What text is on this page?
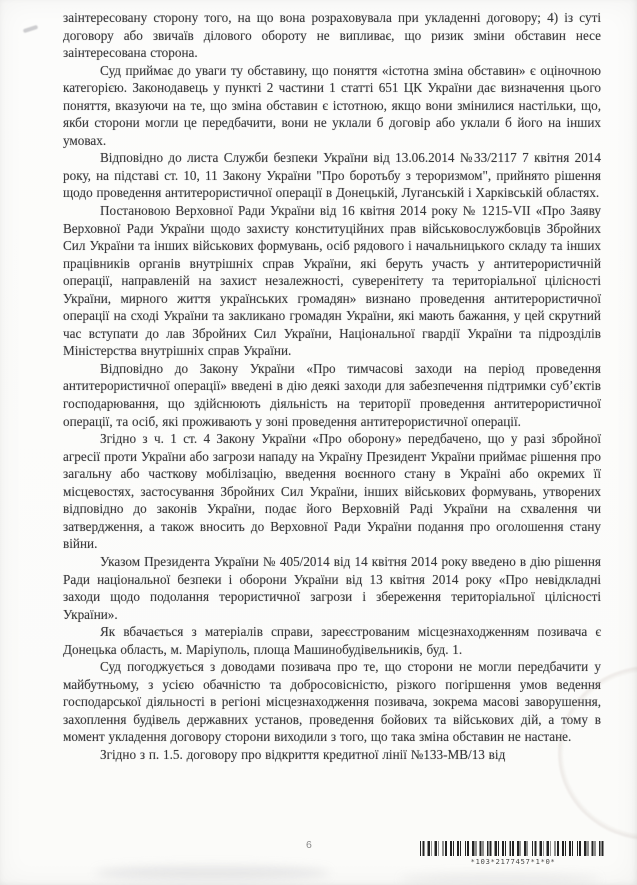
заінтересовану сторону того, на що вона розраховувала при укладенні договору; 4) із суті договору або звичаїв ділового обороту не випливає, що ризик зміни обставин несе заінтересована сторона.

Суд приймає до уваги ту обставину, що поняття «істотна зміна обставин» є оціночною категорією. Законодавець у пункті 2 частини 1 статті 651 ЦК України дає визначення цього поняття, вказуючи на те, що зміна обставин є істотною, якщо вони змінилися настільки, що, якби сторони могли це передбачити, вони не уклали б договір або уклали б його на інших умовах.

Відповідно до листа Служби безпеки України від 13.06.2014 №33/2117 7 квітня 2014 року, на підставі ст. 10, 11 Закону України "Про боротьбу з тероризмом", прийнято рішення щодо проведення антитерористичної операції в Донецькій, Луганській і Харківській областях.

Постановою Верховної Ради України від 16 квітня 2014 року № 1215-VII «Про Заяву Верховної Ради України щодо захисту конституційних прав військовослужбовців Збройних Сил України та інших військових формувань, осіб рядового і начальницького складу та інших працівників органів внутрішніх справ України, які беруть участь у антитерористичній операції, направленій на захист незалежності, суверенітету та територіальної цілісності України, мирного життя українських громадян» визнано проведення антитерористичної операції на сході України та закликано громадян України, які мають бажання, у цей скрутний час вступати до лав Збройних Сил України, Національної гвардії України та підрозділів Міністерства внутрішніх справ України.

Відповідно до Закону України «Про тимчасові заходи на період проведення антитерористичної операції» введені в дію деякі заходи для забезпечення підтримки суб’єктів господарювання, що здійснюють діяльність на території проведення антитерористичної операції, та осіб, які проживають у зоні проведення антитерористичної операції.

Згідно з ч. 1 ст. 4 Закону України «Про оборону» передбачено, що у разі збройної агресії проти України або загрози нападу на Україну Президент України приймає рішення про загальну або часткову мобілізацію, введення воєнного стану в Україні або окремих її місцевостях, застосування Збройних Сил України, інших військових формувань, утворених відповідно до законів України, подає його Верховній Раді України на схвалення чи затвердження, а також вносить до Верховної Ради України подання про оголошення стану війни.

Указом Президента України № 405/2014 від 14 квітня 2014 року введено в дію рішення Ради національної безпеки і оборони України від 13 квітня 2014 року «Про невідкладні заходи щодо подолання терористичної загрози і збереження територіальної цілісності України».

Як вбачається з матеріалів справи, зареєстрованим місцезнаходженням позивача є Донецька область, м. Маріуполь, площа Машинобудівельників, буд. 1.

Суд погоджується з доводами позивача про те, що сторони не могли передбачити у майбутньому, з усією обачністю та добросовісністю, різкого погіршення умов ведення господарської діяльності в регіоні місцезнаходження позивача, зокрема масові заворушення, захоплення будівель державних установ, проведення бойових та військових дій, а тому в момент укладення договору сторони виходили з того, що така зміна обставин не настане.

Згідно з п. 1.5. договору про відкриття кредитної лінії №133-МВ/13 від

6
*103*2177457*1*0*
